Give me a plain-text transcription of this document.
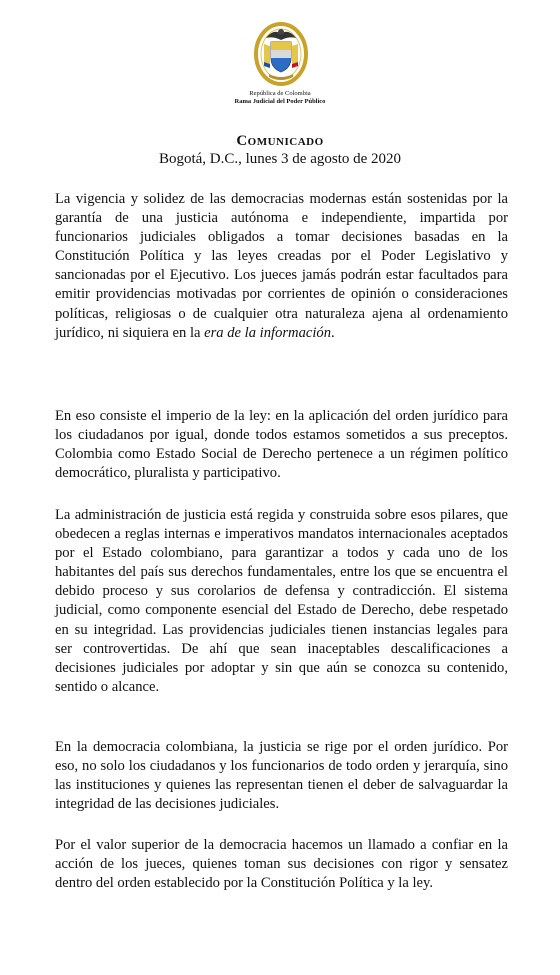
República de Colombia
Rama Judicial del Poder Público
Comunicado
Bogotá, D.C., lunes 3 de agosto de 2020

La vigencia y solidez de las democracias modernas están sostenidas por la garantía de una justicia autónoma e independiente, impartida por funcionarios judiciales obligados a tomar decisiones basadas en la Constitución Política y las leyes creadas por el Poder Legislativo y sancionadas por el Ejecutivo. Los jueces jamás podrán estar facultados para emitir providencias motivadas por corrientes de opinión o consideraciones políticas, religiosas o de cualquier otra naturaleza ajena al ordenamiento jurídico, ni siquiera en la era de la información.

En eso consiste el imperio de la ley: en la aplicación del orden jurídico para los ciudadanos por igual, donde todos estamos sometidos a sus preceptos. Colombia como Estado Social de Derecho pertenece a un régimen político democrático, pluralista y participativo.

La administración de justicia está regida y construida sobre esos pilares, que obedecen a reglas internas e imperativos mandatos internacionales aceptados por el Estado colombiano, para garantizar a todos y cada uno de los habitantes del país sus derechos fundamentales, entre los que se encuentra el debido proceso y sus corolarios de defensa y contradicción. El sistema judicial, como componente esencial del Estado de Derecho, debe respetado en su integridad. Las providencias judiciales tienen instancias legales para ser controvertidas. De ahí que sean inaceptables descalificaciones a decisiones judiciales por adoptar y sin que aún se conozca su contenido, sentido o alcance.

En la democracia colombiana, la justicia se rige por el orden jurídico. Por eso, no solo los ciudadanos y los funcionarios de todo orden y jerarquía, sino las instituciones y quienes las representan tienen el deber de salvaguardar la integridad de las decisiones judiciales.

Por el valor superior de la democracia hacemos un llamado a confiar en la acción de los jueces, quienes toman sus decisiones con rigor y sensatez dentro del orden establecido por la Constitución Política y la ley.
